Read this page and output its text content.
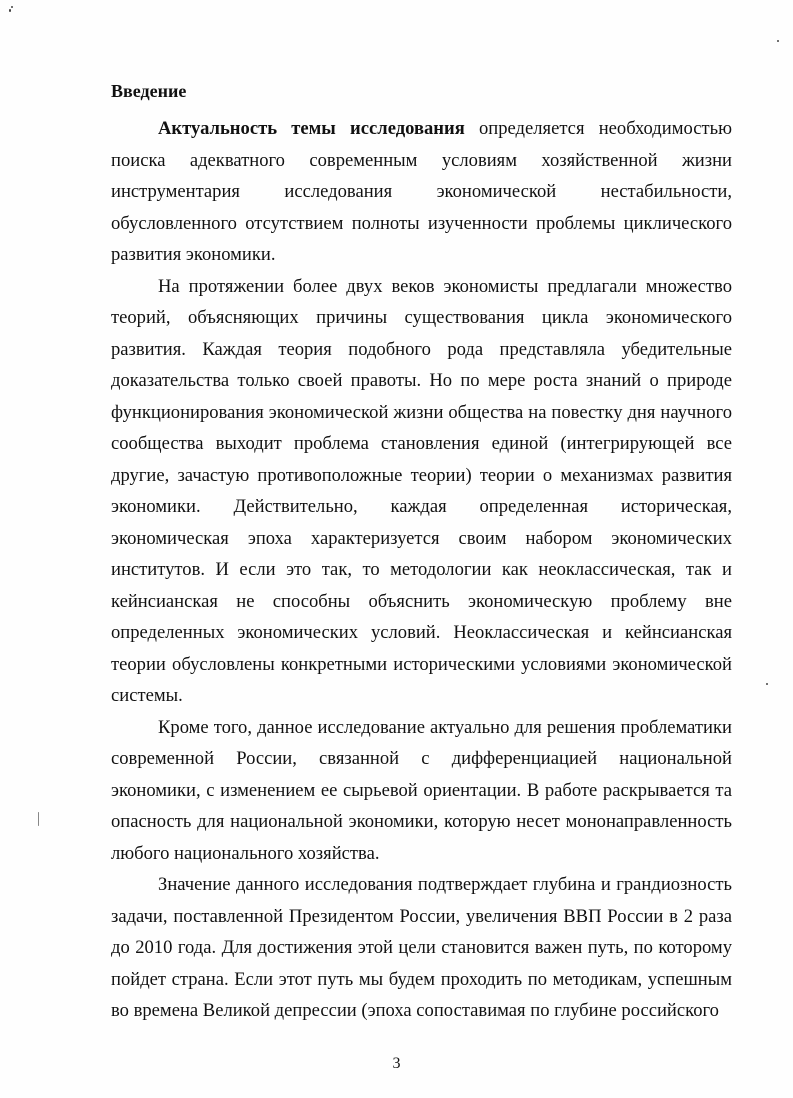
Введение

Актуальность темы исследования определяется необходимостью поиска адекватного современным условиям хозяйственной жизни инструментария исследования экономической нестабильности, обусловленного отсутствием полноты изученности проблемы циклического развития экономики.

На протяжении более двух веков экономисты предлагали множество теорий, объясняющих причины существования цикла экономического развития. Каждая теория подобного рода представляла убедительные доказательства только своей правоты. Но по мере роста знаний о природе функционирования экономической жизни общества на повестку дня научного сообщества выходит проблема становления единой (интегрирующей все другие, зачастую противоположные теории) теории о механизмах развития экономики. Действительно, каждая определенная историческая, экономическая эпоха характеризуется своим набором экономических институтов. И если это так, то методологии как неоклассическая, так и кейнсианская не способны объяснить экономическую проблему вне определенных экономических условий. Неоклассическая и кейнсианская теории обусловлены конкретными историческими условиями экономической системы.

Кроме того, данное исследование актуально для решения проблематики современной России, связанной с дифференциацией национальной экономики, с изменением ее сырьевой ориентации. В работе раскрывается та опасность для национальной экономики, которую несет мононаправленность любого национального хозяйства.

Значение данного исследования подтверждает глубина и грандиозность задачи, поставленной Президентом России, увеличения ВВП России в 2 раза до 2010 года. Для достижения этой цели становится важен путь, по которому пойдет страна. Если этот путь мы будем проходить по методикам, успешным во времена Великой депрессии (эпоха сопоставимая по глубине российского

3
